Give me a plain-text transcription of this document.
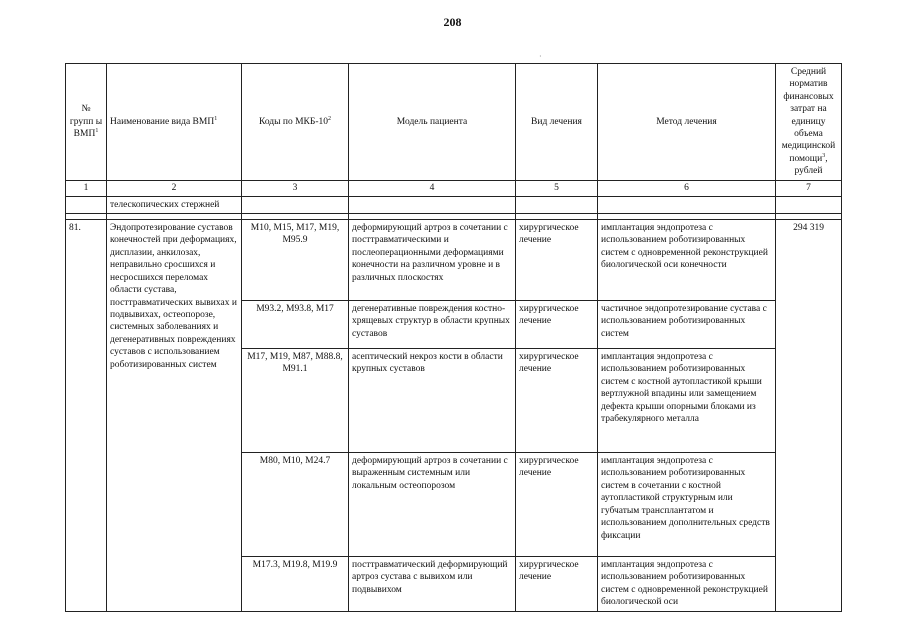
208
·
№ групп ы ВМП$^1$	Наименование вида ВМП$^1$	Коды по МКБ-$10^2$	Модель пациента	Вид лечения	Метод лечения	Средний норматив финансовых затрат на единицу объема медицинской помощи$^3$, рублей
1	2	3	4	5	6	7
	телескопических стержней					

81.	Эндопротезирование суставов конечностей при деформациях, дисплазии, анкилозах, неправильно сросшихся и несросшихся переломах области сустава, посттравматических вывихах и подвывихах, остеопорозе, системных заболеваниях и дегенеративных повреждениях суставов с использованием роботизированных систем	M10, M15, M17, M19, M95.9	деформирующий артроз в сочетании с посттравматическими и послеоперационными деформациями конечности на различном уровне и в различных плоскостях	хирургическое лечение	имплантация эндопротеза с использованием роботизированных систем с одновременной реконструкцией биологической оси конечности	294 319
		M93.2, M93.8, M17	дегенеративные повреждения костно-хрящевых структур в области крупных суставов	хирургическое лечение	частичное эндопротезирование сустава с использованием роботизированных систем	
		M17, M19, M87, M88.8, M91.1	асептический некроз кости в области крупных суставов	хирургическое лечение	имплантация эндопротеза с использованием роботизированных систем с костной аутопластикой крыши вертлужной впадины или замещением дефекта крыши опорными блоками из трабекулярного металла	
		M80, M10, M24.7	деформирующий артроз в сочетании с выраженным системным или локальным остеопорозом	хирургическое лечение	имплантация эндопротеза с использованием роботизированных систем в сочетании с костной аутопластикой структурным или губчатым трансплантатом и использованием дополнительных средств фиксации	
		M17.3, M19.8, M19.9	посттравматический деформирующий артроз сустава с вывихом или подвывихом	хирургическое лечение	имплантация эндопротеза с использованием роботизированных систем с одновременной реконструкцией биологической оси	
